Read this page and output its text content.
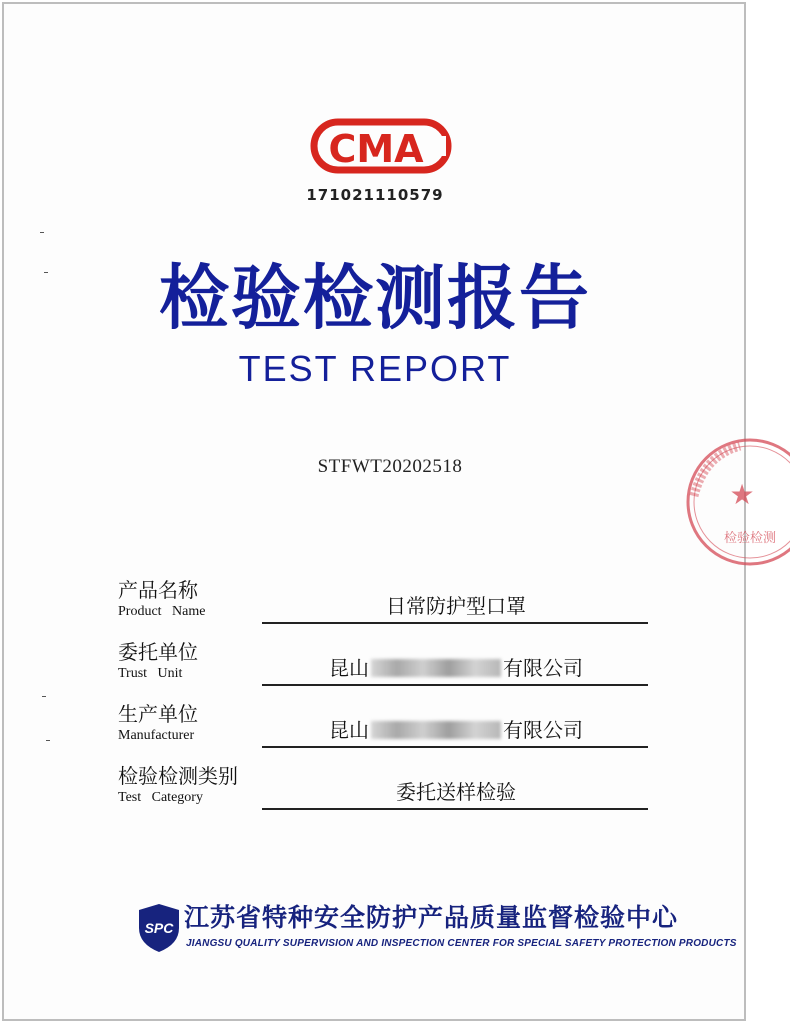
CMA
171021110579
检验检测报告
TEST REPORT
STFWT20202518
★
检验检测
产品名称
Product   Name	日常防护型口罩
委托单位
Trust   Unit	昆山	有限公司
生产单位
Manufacturer	昆山	有限公司
检验检测类别
Test   Category	委托送样检验
SPC 江苏省特种安全防护产品质量监督检验中心
JIANGSU QUALITY SUPERVISION AND INSPECTION CENTER FOR SPECIAL SAFETY PROTECTION PRODUCTS
